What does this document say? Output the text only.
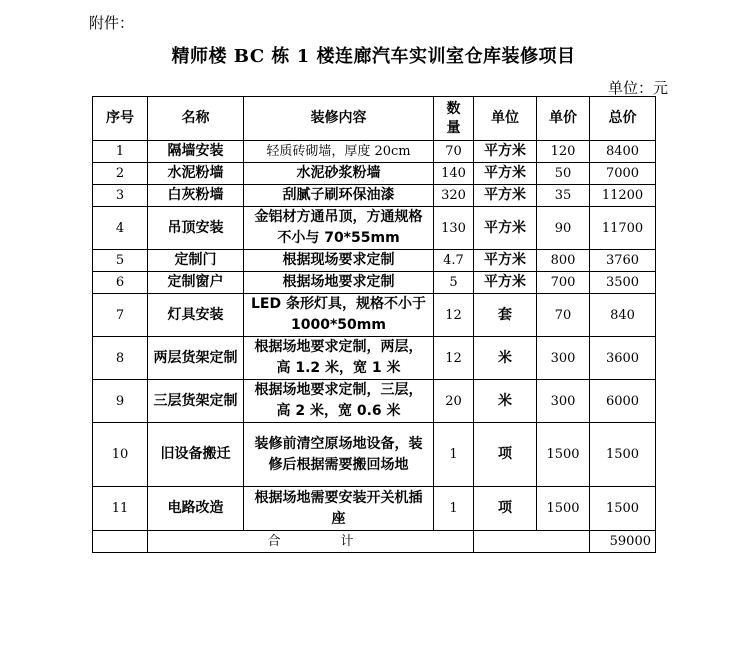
附件：
精师楼 BC 栋 1 楼连廊汽车实训室仓库装修项目
单位：元
序号	名称	装修内容	数量	单位	单价	总价
1	隔墙安装	轻质砖砌墙，厚度 20cm	70	平方米	120	8400
2	水泥粉墙	水泥砂浆粉墙	140	平方米	50	7000
3	白灰粉墙	刮腻子刷环保油漆	320	平方米	35	11200
4	吊顶安装	金铝材方通吊顶，方通规格不小与 70*55mm	130	平方米	90	11700
5	定制门	根据现场要求定制	4.7	平方米	800	3760
6	定制窗户	根据场地要求定制	5	平方米	700	3500
7	灯具安装	LED 条形灯具，规格不小于 1000*50mm	12	套	70	840
8	两层货架定制	根据场地要求定制，两层，高 1.2 米，宽 1 米	12	米	300	3600
9	三层货架定制	根据场地要求定制，三层，高 2 米，宽 0.6 米	20	米	300	6000
10	旧设备搬迁	装修前清空原场地设备，装修后根据需要搬回场地	1	项	1500	1500
11	电路改造	根据场地需要安装开关机插座	1	项	1500	1500
	合计					59000
